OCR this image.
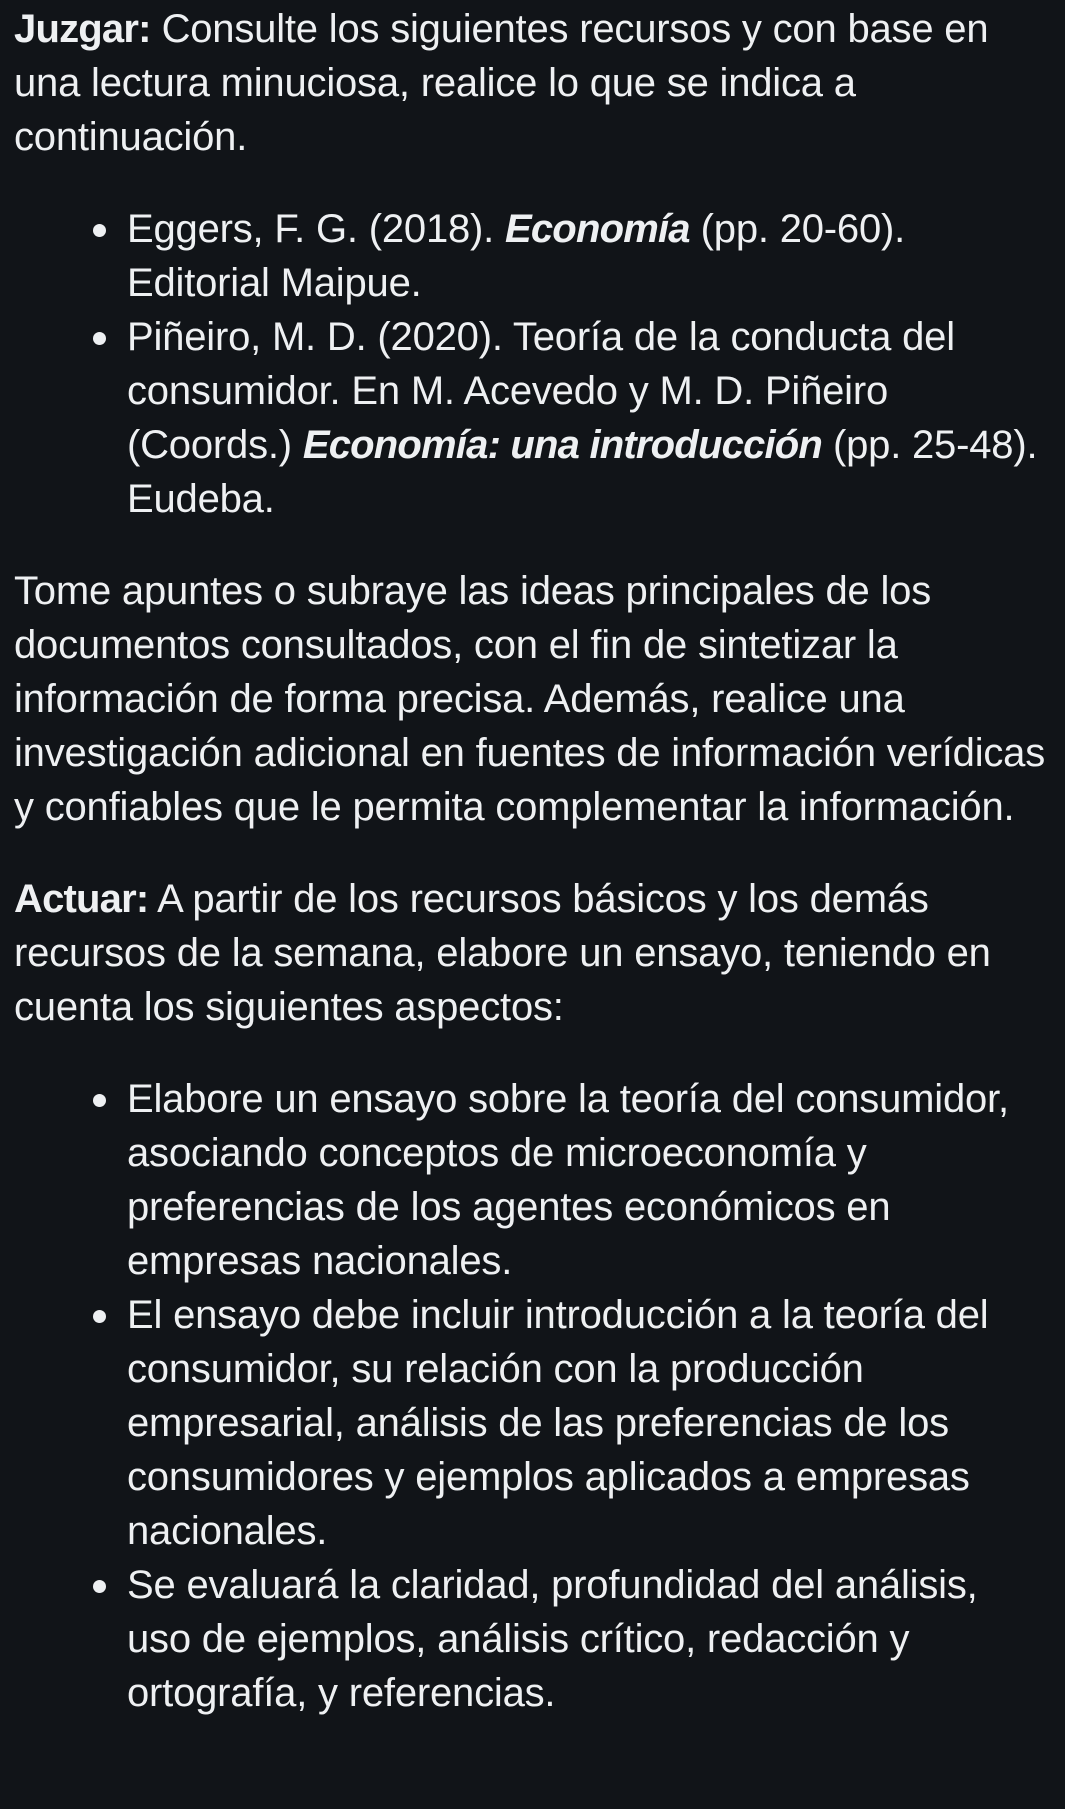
Juzgar: Consulte los siguientes recursos y con base en una lectura minuciosa, realice lo que se indica a continuación.

Eggers, F. G. (2018). Economía (pp. 20-60). Editorial Maipue.
Piñeiro, M. D. (2020). Teoría de la conducta del consumidor. En M. Acevedo y M. D. Piñeiro (Coords.) Economía: una introducción (pp. 25-48). Eudeba.

Tome apuntes o subraye las ideas principales de los documentos consultados, con el fin de sintetizar la información de forma precisa. Además, realice una investigación adicional en fuentes de información verídicas y confiables que le permita complementar la información.

Actuar: A partir de los recursos básicos y los demás recursos de la semana, elabore un ensayo, teniendo en cuenta los siguientes aspectos:

Elabore un ensayo sobre la teoría del consumidor, asociando conceptos de microeconomía y preferencias de los agentes económicos en empresas nacionales.
El ensayo debe incluir introducción a la teoría del consumidor, su relación con la producción empresarial, análisis de las preferencias de los consumidores y ejemplos aplicados a empresas nacionales.
Se evaluará la claridad, profundidad del análisis, uso de ejemplos, análisis crítico, redacción y ortografía, y referencias.
